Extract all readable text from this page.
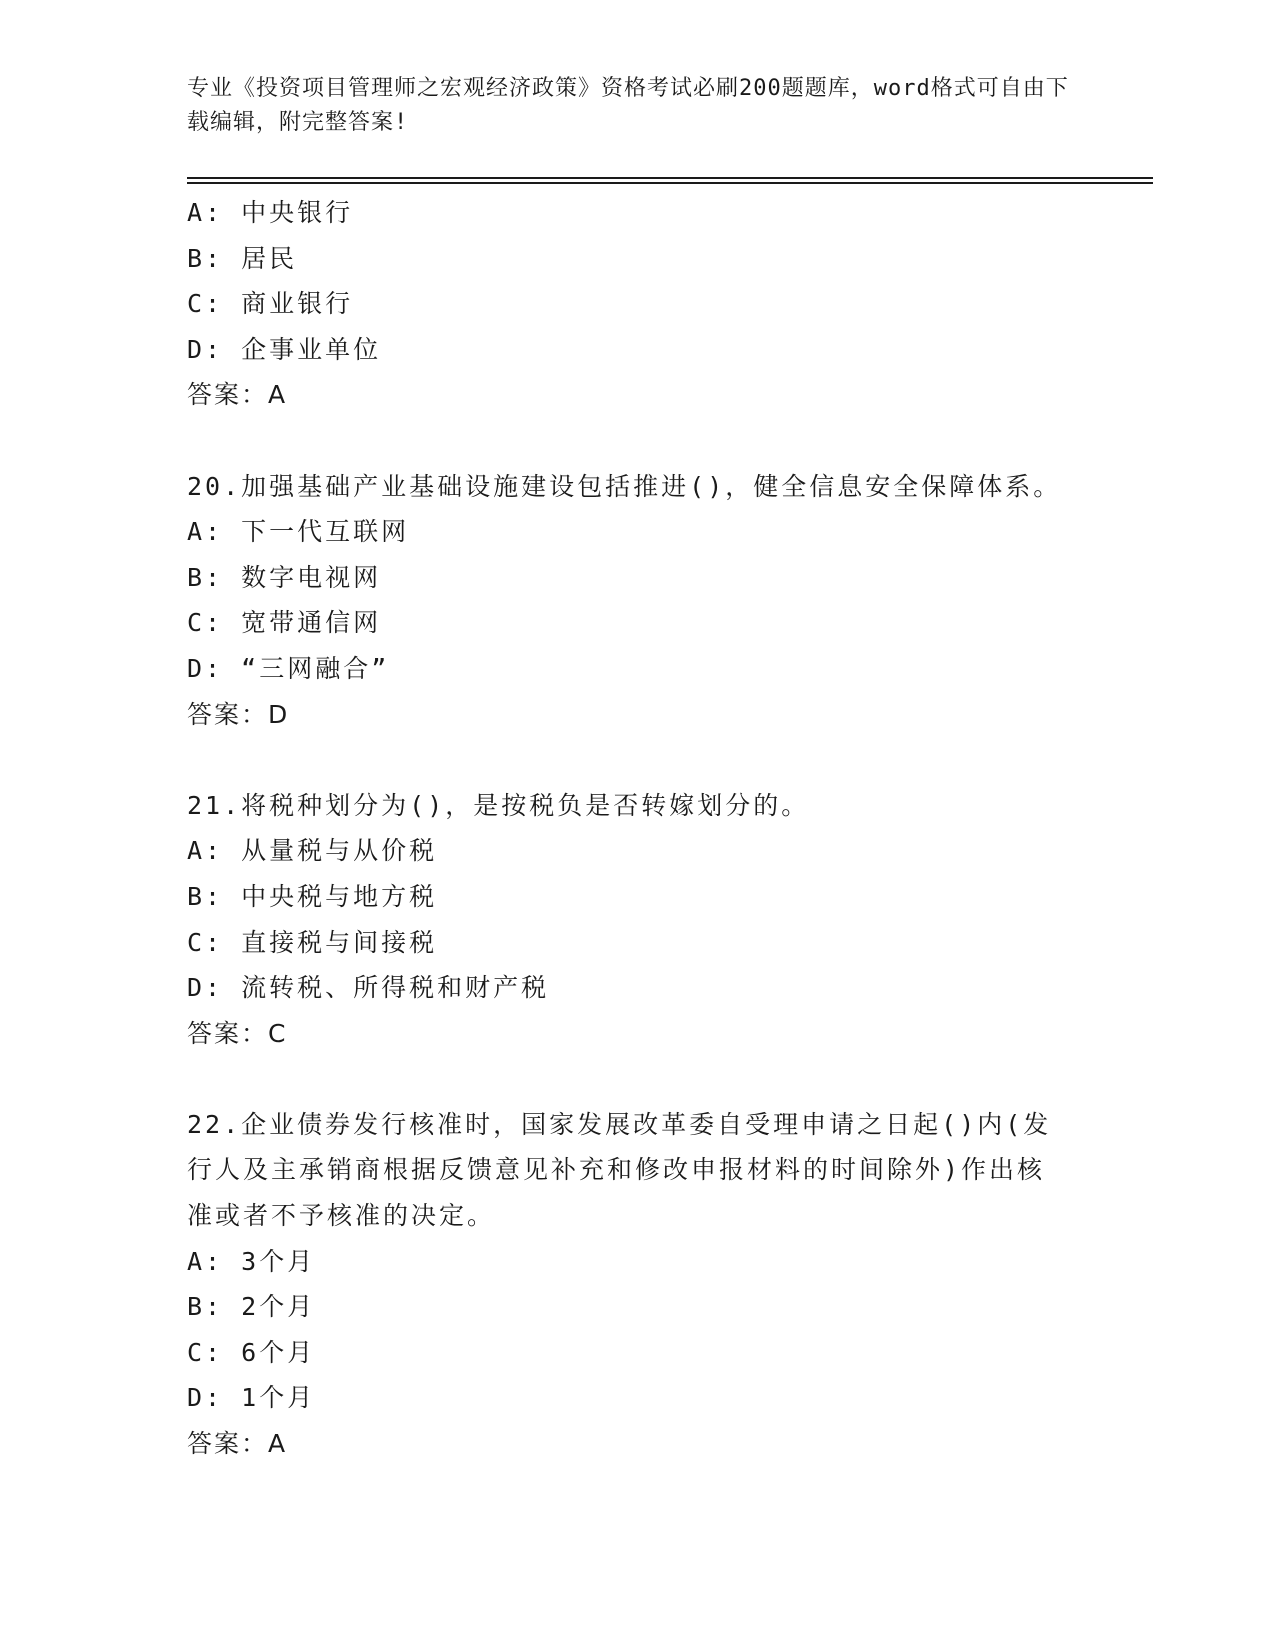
专业《投资项目管理师之宏观经济政策》资格考试必刷200题题库，word格式可自由下载编辑，附完整答案!
A: 中央银行
B: 居民
C: 商业银行
D: 企事业单位
答案：A
20.加强基础产业基础设施建设包括推进()，健全信息安全保障体系。
A: 下一代互联网
B: 数字电视网
C: 宽带通信网
D: “三网融合”
答案：D
21.将税种划分为()，是按税负是否转嫁划分的。
A: 从量税与从价税
B: 中央税与地方税
C: 直接税与间接税
D: 流转税、所得税和财产税
答案：C
22.企业债券发行核准时，国家发展改革委自受理申请之日起()内(发行人及主承销商根据反馈意见补充和修改申报材料的时间除外)作出核准或者不予核准的决定。
A: 3个月
B: 2个月
C: 6个月
D: 1个月
答案：A
